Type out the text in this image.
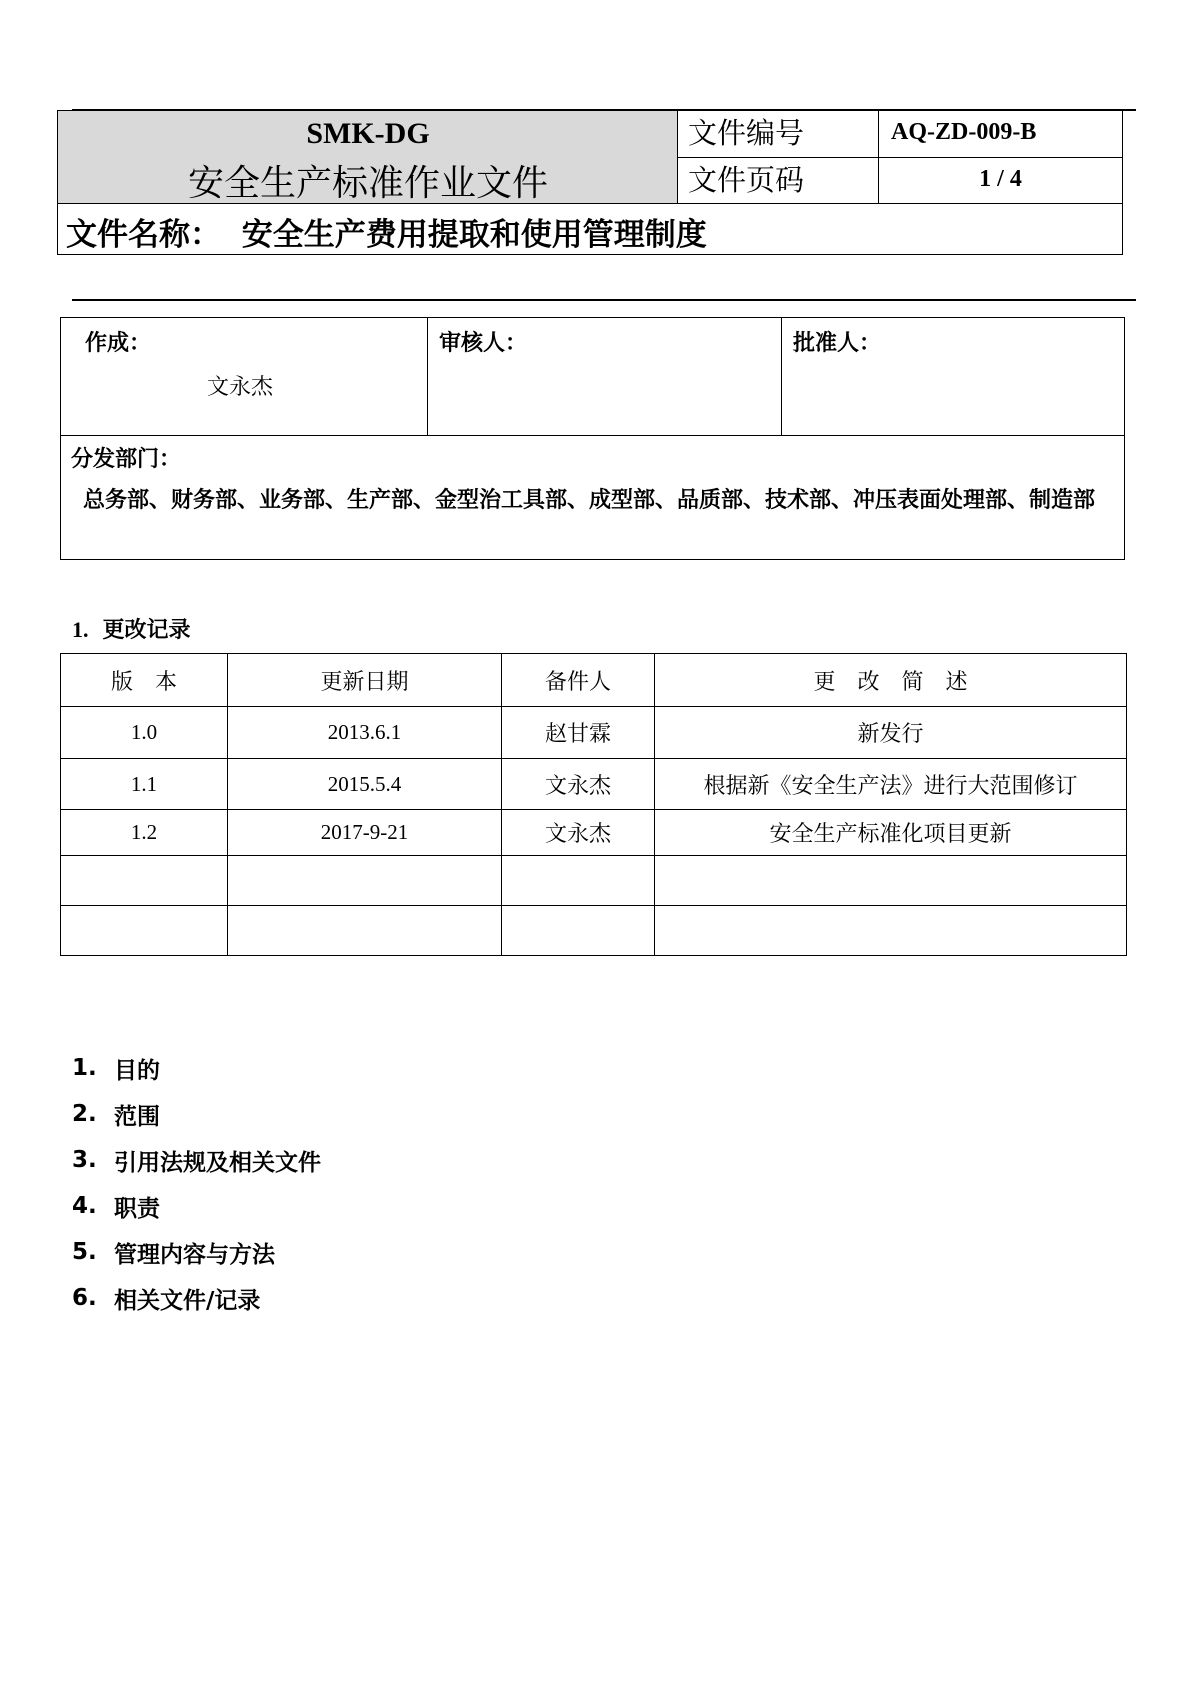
SMK-DG
安全生产标准作业文件
文件编号	AQ-ZD-009-B
文件页码	1 / 4
文件名称： 安全生产费用提取和使用管理制度
作成：
文永杰
审核人：	批准人：
分发部门：
总务部、财务部、业务部、生产部、金型治工具部、成型部、品质部、技术部、冲压表面处理部、制造部
1. 更改记录
版　本	更新日期	备件人	更　改　简　述
1.0	2013.6.1	赵甘霖	新发行
1.1	2015.5.4	文永杰	根据新《安全生产法》进行大范围修订
1.2	2017-9-21	文永杰	安全生产标准化项目更新

1. 目的
2. 范围
3. 引用法规及相关文件
4. 职责
5. 管理内容与方法
6. 相关文件/记录
